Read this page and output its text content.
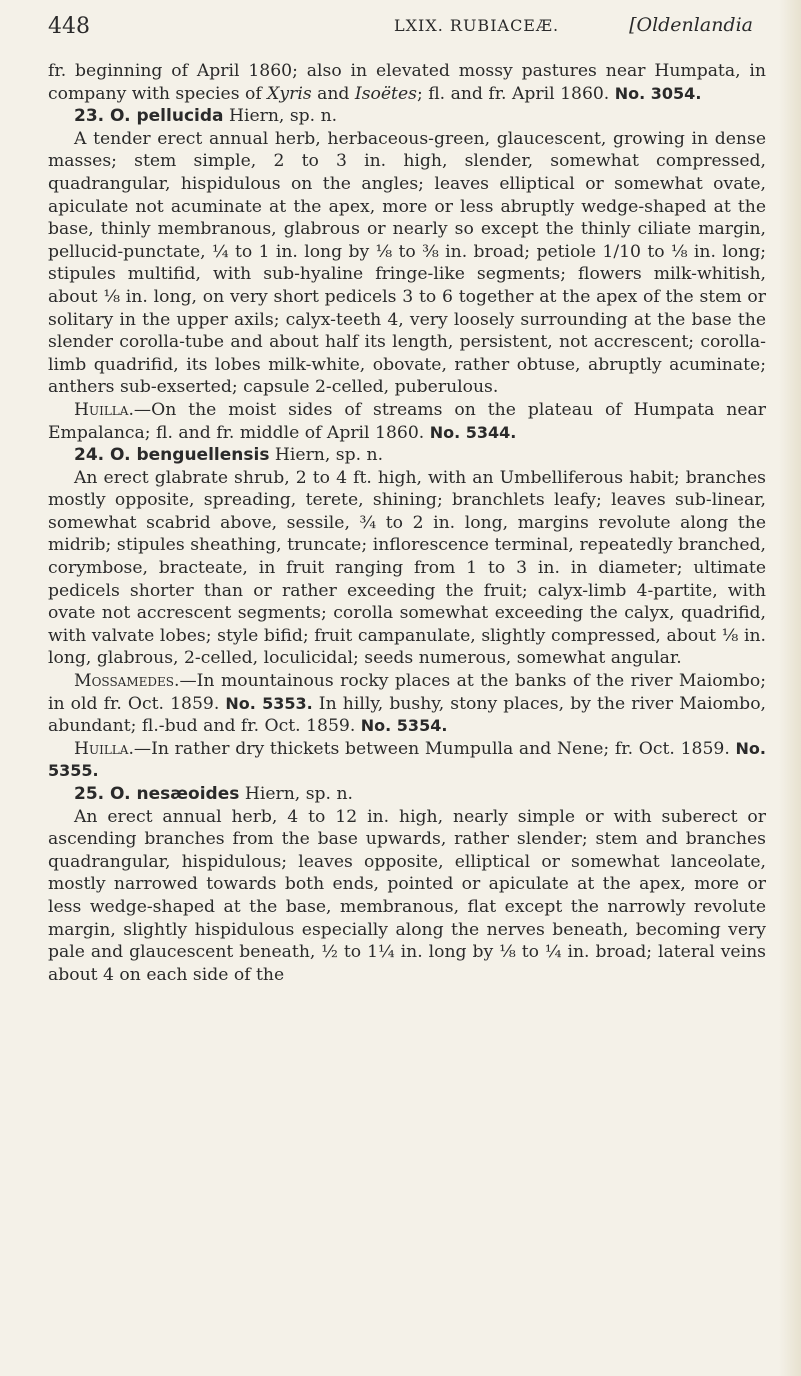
448	LXIX. RUBIACEÆ.	[Oldenlandia

fr. beginning of April 1860; also in elevated mossy pastures near Humpata, in company with species of Xyris and Isoëtes; fl. and fr. April 1860. No. 3054.

23. O. pellucida Hiern, sp. n.

A tender erect annual herb, herbaceous-green, glaucescent, growing in dense masses; stem simple, 2 to 3 in. high, slender, somewhat compressed, quadrangular, hispidulous on the angles; leaves elliptical or somewhat ovate, apiculate not acuminate at the apex, more or less abruptly wedge-shaped at the base, thinly membranous, glabrous or nearly so except the thinly ciliate margin, pellucid-punctate, ¼ to 1 in. long by ⅛ to ⅜ in. broad; petiole 1/10 to ⅛ in. long; stipules multifid, with sub-hyaline fringe-like segments; flowers milk-whitish, about ⅛ in. long, on very short pedicels 3 to 6 together at the apex of the stem or solitary in the upper axils; calyx-teeth 4, very loosely surrounding at the base the slender corolla-tube and about half its length, persistent, not accrescent; corolla-limb quadrifid, its lobes milk-white, obovate, rather obtuse, abruptly acuminate; anthers sub-exserted; capsule 2-celled, puberulous.

Huilla.—On the moist sides of streams on the plateau of Humpata near Empalanca; fl. and fr. middle of April 1860. No. 5344.

24. O. benguellensis Hiern, sp. n.

An erect glabrate shrub, 2 to 4 ft. high, with an Umbelliferous habit; branches mostly opposite, spreading, terete, shining; branchlets leafy; leaves sub-linear, somewhat scabrid above, sessile, ¾ to 2 in. long, margins revolute along the midrib; stipules sheathing, truncate; inflorescence terminal, repeatedly branched, corymbose, bracteate, in fruit ranging from 1 to 3 in. in diameter; ultimate pedicels shorter than or rather exceeding the fruit; calyx-limb 4-partite, with ovate not accrescent segments; corolla somewhat exceeding the calyx, quadrifid, with valvate lobes; style bifid; fruit campanulate, slightly compressed, about ⅛ in. long, glabrous, 2-celled, loculicidal; seeds numerous, somewhat angular.

Mossamedes.—In mountainous rocky places at the banks of the river Maiombo; in old fr. Oct. 1859. No. 5353. In hilly, bushy, stony places, by the river Maiombo, abundant; fl.-bud and fr. Oct. 1859. No. 5354.

Huilla.—In rather dry thickets between Mumpulla and Nene; fr. Oct. 1859. No. 5355.

25. O. nesæoides Hiern, sp. n.

An erect annual herb, 4 to 12 in. high, nearly simple or with suberect or ascending branches from the base upwards, rather slender; stem and branches quadrangular, hispidulous; leaves opposite, elliptical or somewhat lanceolate, mostly narrowed towards both ends, pointed or apiculate at the apex, more or less wedge-shaped at the base, membranous, flat except the narrowly revolute margin, slightly hispidulous especially along the nerves beneath, becoming very pale and glaucescent beneath, ½ to 1¼ in. long by ⅛ to ¼ in. broad; lateral veins about 4 on each side of the
